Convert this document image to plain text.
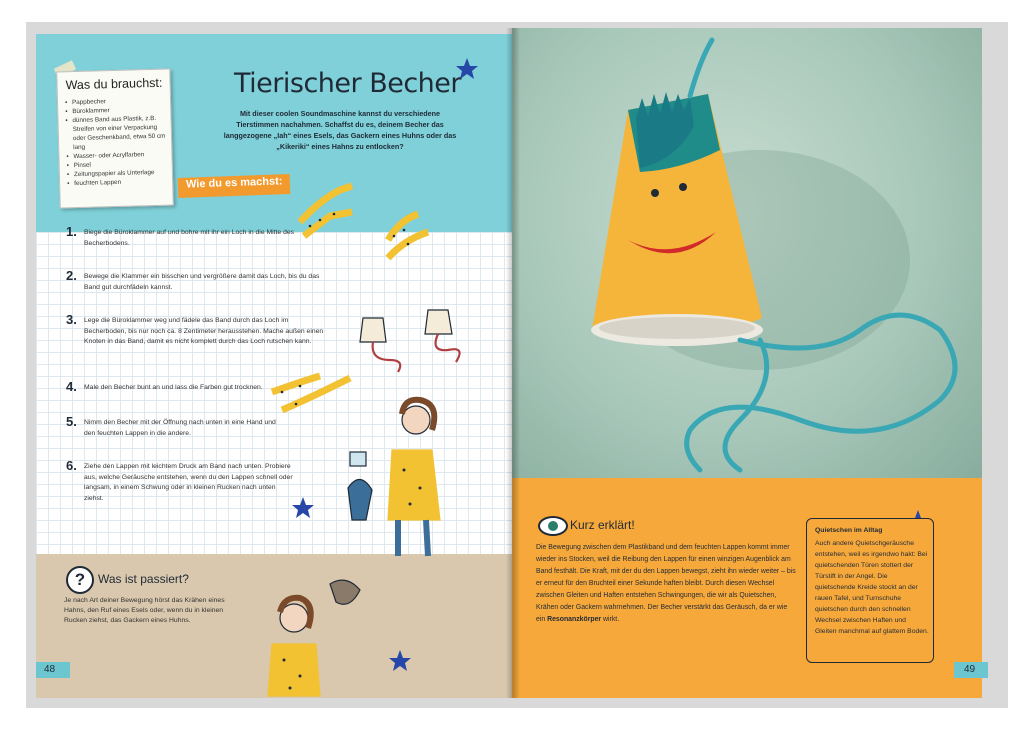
Was du brauchst:
• Pappbecher
• Büroklammer
• dünnes Band aus Plastik, z.B. Streifen von einer Verpackung oder Geschenkband, etwa 50 cm lang
• Wasser- oder Acrylfarben
• Pinsel
• Zeitungspapier als Unterlage
• feuchten Lappen
Tierischer Becher
Mit dieser coolen Soundmaschine kannst du verschiedene Tierstimmen nachahmen. Schaffst du es, deinem Becher das langgezogene „Iah“ eines Esels, das Gackern eines Huhns oder das „Kikeriki“ eines Hahns zu entlocken?
Wie du es machst:
1. Biege die Büroklammer auf und bohre mit ihr ein Loch in die Mitte des Becherbodens.
2. Bewege die Klammer ein bisschen und vergrößere damit das Loch, bis du das Band gut durchfädeln kannst.
3. Lege die Büroklammer weg und fädele das Band durch das Loch im Becherboden, bis nur noch ca. 8 Zentimeter herausstehen. Mache außen einen Knoten in das Band, damit es nicht komplett durch das Loch rutschen kann.
4. Male den Becher bunt an und lass die Farben gut trocknen.
5. Nimm den Becher mit der Öffnung nach unten in eine Hand und den feuchten Lappen in die andere.
6. Ziehe den Lappen mit leichtem Druck am Band nach unten. Probiere aus, welche Geräusche entstehen, wenn du den Lappen schnell oder langsam, in einem Schwung oder in kleinen Rucken nach unten ziehst.
?	Was ist passiert?
Je nach Art deiner Bewegung hörst das Krähen eines Hahns, den Ruf eines Esels oder, wenn du in kleinen Rucken ziehst, das Gackern eines Huhns.
48	49
Kurz erklärt!
Die Bewegung zwischen dem Plastikband und dem feuchten Lappen kommt immer wieder ins Stocken, weil die Reibung den Lappen für einen winzigen Augenblick am Band festhält. Die Kraft, mit der du den Lappen bewegst, zieht ihn wieder weiter – bis er erneut für den Bruchteil einer Sekunde haften bleibt. Durch diesen Wechsel zwischen Gleiten und Haften entstehen Schwingungen, die wir als Quietschen, Krähen oder Gackern wahrnehmen. Der Becher verstärkt das Geräusch, da er wie ein Resonanzkörper wirkt.
Quietschen im Alltag
Auch andere Quietschgeräusche entstehen, weil es irgendwo hakt: Bei quietschenden Türen stottert der Türstift in der Angel. Die quietschende Kreide stockt an der rauen Tafel, und Turnschuhe quietschen durch den schnellen Wechsel zwischen Haften und Gleiten manchmal auf glattem Boden.
